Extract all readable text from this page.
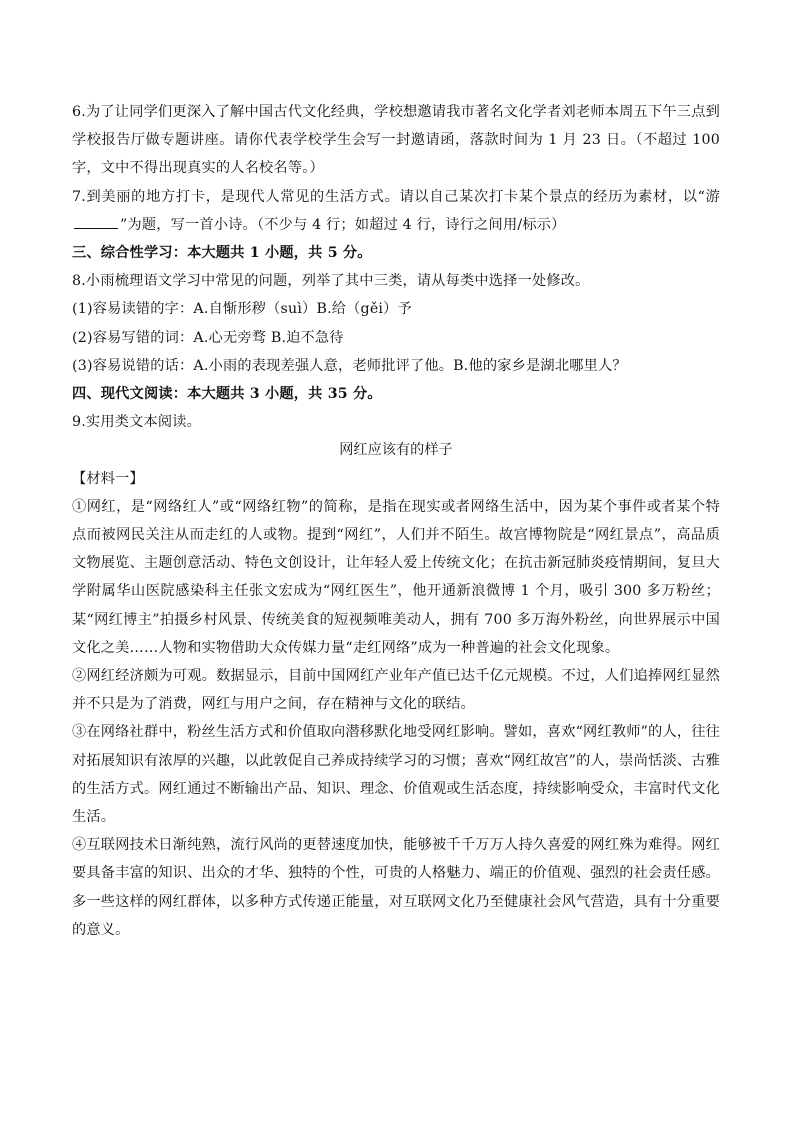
6.为了让同学们更深入了解中国古代文化经典，学校想邀请我市著名文化学者刘老师本周五下午三点到学校报告厅做专题讲座。请你代表学校学生会写一封邀请函，落款时间为 1 月 23 日。（不超过 100 字，文中不得出现真实的人名校名等。）

7.到美丽的地方打卡，是现代人常见的生活方式。请以自己某次打卡某个景点的经历为素材，以“游”为题，写一首小诗。（不少与 4 行；如超过 4 行，诗行之间用/标示）

三、综合性学习：本大题共 1 小题，共 5 分。

8.小雨梳理语文学习中常见的问题，列举了其中三类，请从每类中选择一处修改。

(1)容易读错的字：A.自惭形秽（suì）B.给（gěi）予

(2)容易写错的词：A.心无旁骛 B.迫不急待

(3)容易说错的话：A.小雨的表现差强人意，老师批评了他。B.他的家乡是湖北哪里人？

四、现代文阅读：本大题共 3 小题，共 35 分。

9.实用类文本阅读。

网红应该有的样子

【材料一】

①网红，是“网络红人”或“网络红物”的简称，是指在现实或者网络生活中，因为某个事件或者某个特点而被网民关注从而走红的人或物。提到“网红”，人们并不陌生。故宫博物院是“网红景点”，高品质文物展览、主题创意活动、特色文创设计，让年轻人爱上传统文化；在抗击新冠肺炎疫情期间，复旦大学附属华山医院感染科主任张文宏成为“网红医生”，他开通新浪微博 1 个月，吸引 300 多万粉丝；某“网红博主”拍摄乡村风景、传统美食的短视频唯美动人，拥有 700 多万海外粉丝，向世界展示中国文化之美……人物和实物借助大众传媒力量“走红网络”成为一种普遍的社会文化现象。

②网红经济颇为可观。数据显示，目前中国网红产业年产值已达千亿元规模。不过，人们追捧网红显然并不只是为了消费，网红与用户之间，存在精神与文化的联结。

③在网络社群中，粉丝生活方式和价值取向潜移默化地受网红影响。譬如，喜欢“网红教师”的人，往往对拓展知识有浓厚的兴趣，以此敦促自己养成持续学习的习惯；喜欢“网红故宫”的人，崇尚恬淡、古雅的生活方式。网红通过不断输出产品、知识、理念、价值观或生活态度，持续影响受众，丰富时代文化生活。

④互联网技术日渐纯熟，流行风尚的更替速度加快，能够被千千万万人持久喜爱的网红殊为难得。网红要具备丰富的知识、出众的才华、独特的个性，可贵的人格魅力、端正的价值观、强烈的社会责任感。多一些这样的网红群体，以多种方式传递正能量，对互联网文化乃至健康社会风气营造，具有十分重要的意义。
